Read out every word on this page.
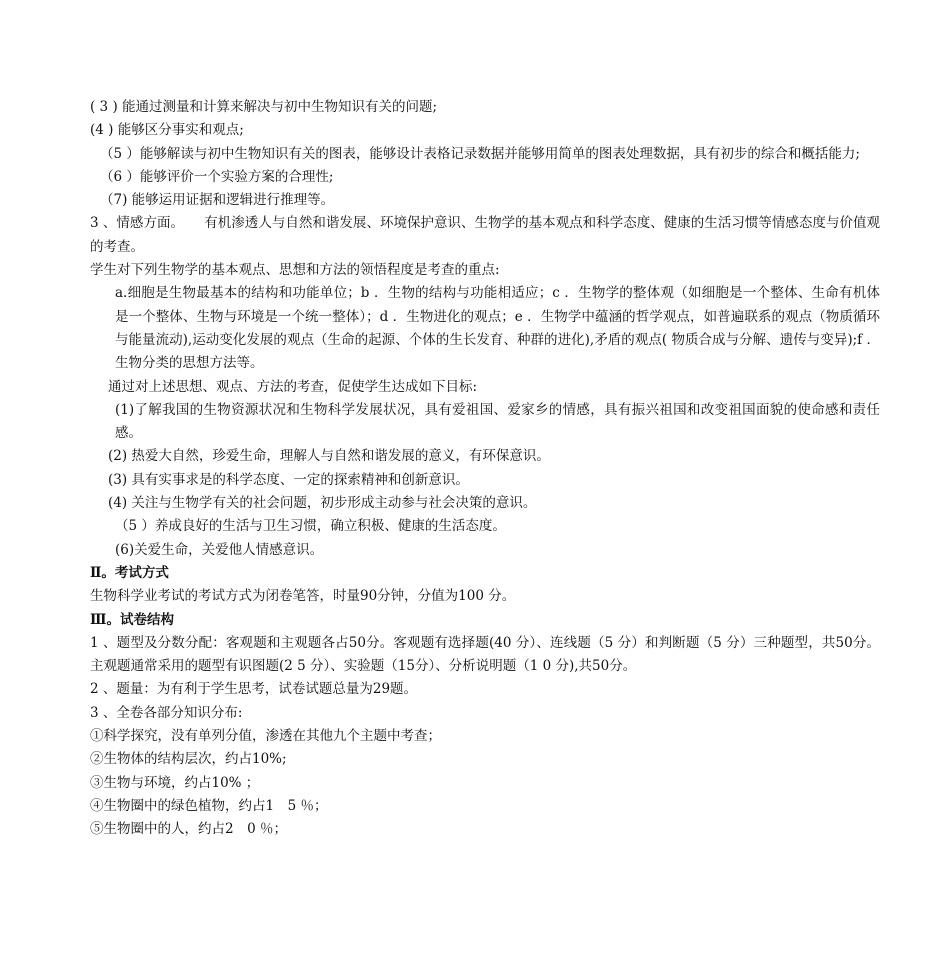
( 3 ) 能通过测量和计算来解决与初中生物知识有关的问题;

(4 ) 能够区分事实和观点;

（5 ）能够解读与初中生物知识有关的图表，能够设计表格记录数据并能够用简单的图表处理数据，具有初步的综合和概括能力;

（6 ）能够评价一个实验方案的合理性;

（7) 能够运用证据和逻辑进行推理等。

3 、情感方面。　　有机渗透人与自然和谐发展、环境保护意识、生物学的基本观点和科学态度、健康的生活习惯等情感态度与价值观的考查。

学生对下列生物学的基本观点、思想和方法的领悟程度是考查的重点:

a.细胞是生物最基本的结构和功能单位；b ．生物的结构与功能相适应；c ．生物学的整体观（如细胞是一个整体、生命有机体是一个整体、生物与环境是一个统一整体）；d ．生物进化的观点；e ．生物学中蕴涵的哲学观点，如普遍联系的观点（物质循环与能量流动),运动变化发展的观点（生命的起源、个体的生长发育、种群的进化),矛盾的观点( 物质合成与分解、遗传与变异);f ．生物分类的思想方法等。

通过对上述思想、观点、方法的考查，促使学生达成如下目标:

(1)了解我国的生物资源状况和生物科学发展状况，具有爱祖国、爱家乡的情感，具有振兴祖国和改变祖国面貌的使命感和责任感。

(2) 热爱大自然，珍爱生命，理解人与自然和谐发展的意义，有环保意识。

(3) 具有实事求是的科学态度、一定的探索精神和创新意识。

(4) 关注与生物学有关的社会问题，初步形成主动参与社会决策的意识。

（5 ）养成良好的生活与卫生习惯，确立积极、健康的生活态度。

(6)关爱生命，关爱他人情感意识。

Ⅱ。考试方式

生物科学业考试的考试方式为闭卷笔答，时量90分钟，分值为100 分。

Ⅲ。试卷结构

1 、题型及分数分配：客观题和主观题各占50分。客观题有选择题(40 分）、连线题（5 分）和判断题（5 分）三种题型，共50分。主观题通常采用的题型有识图题(2 5 分）、实验题（15分）、分析说明题（1 0 分),共50分。

2 、题量：为有利于学生思考，试卷试题总量为29题。

3 、全卷各部分知识分布:

①科学探究，没有单列分值，渗透在其他九个主题中考查；

②生物体的结构层次，约占10%;

③生物与环境，约占10% ；

④生物圈中的绿色植物，约占1　5 ％；

⑤生物圈中的人，约占2　0 ％；
